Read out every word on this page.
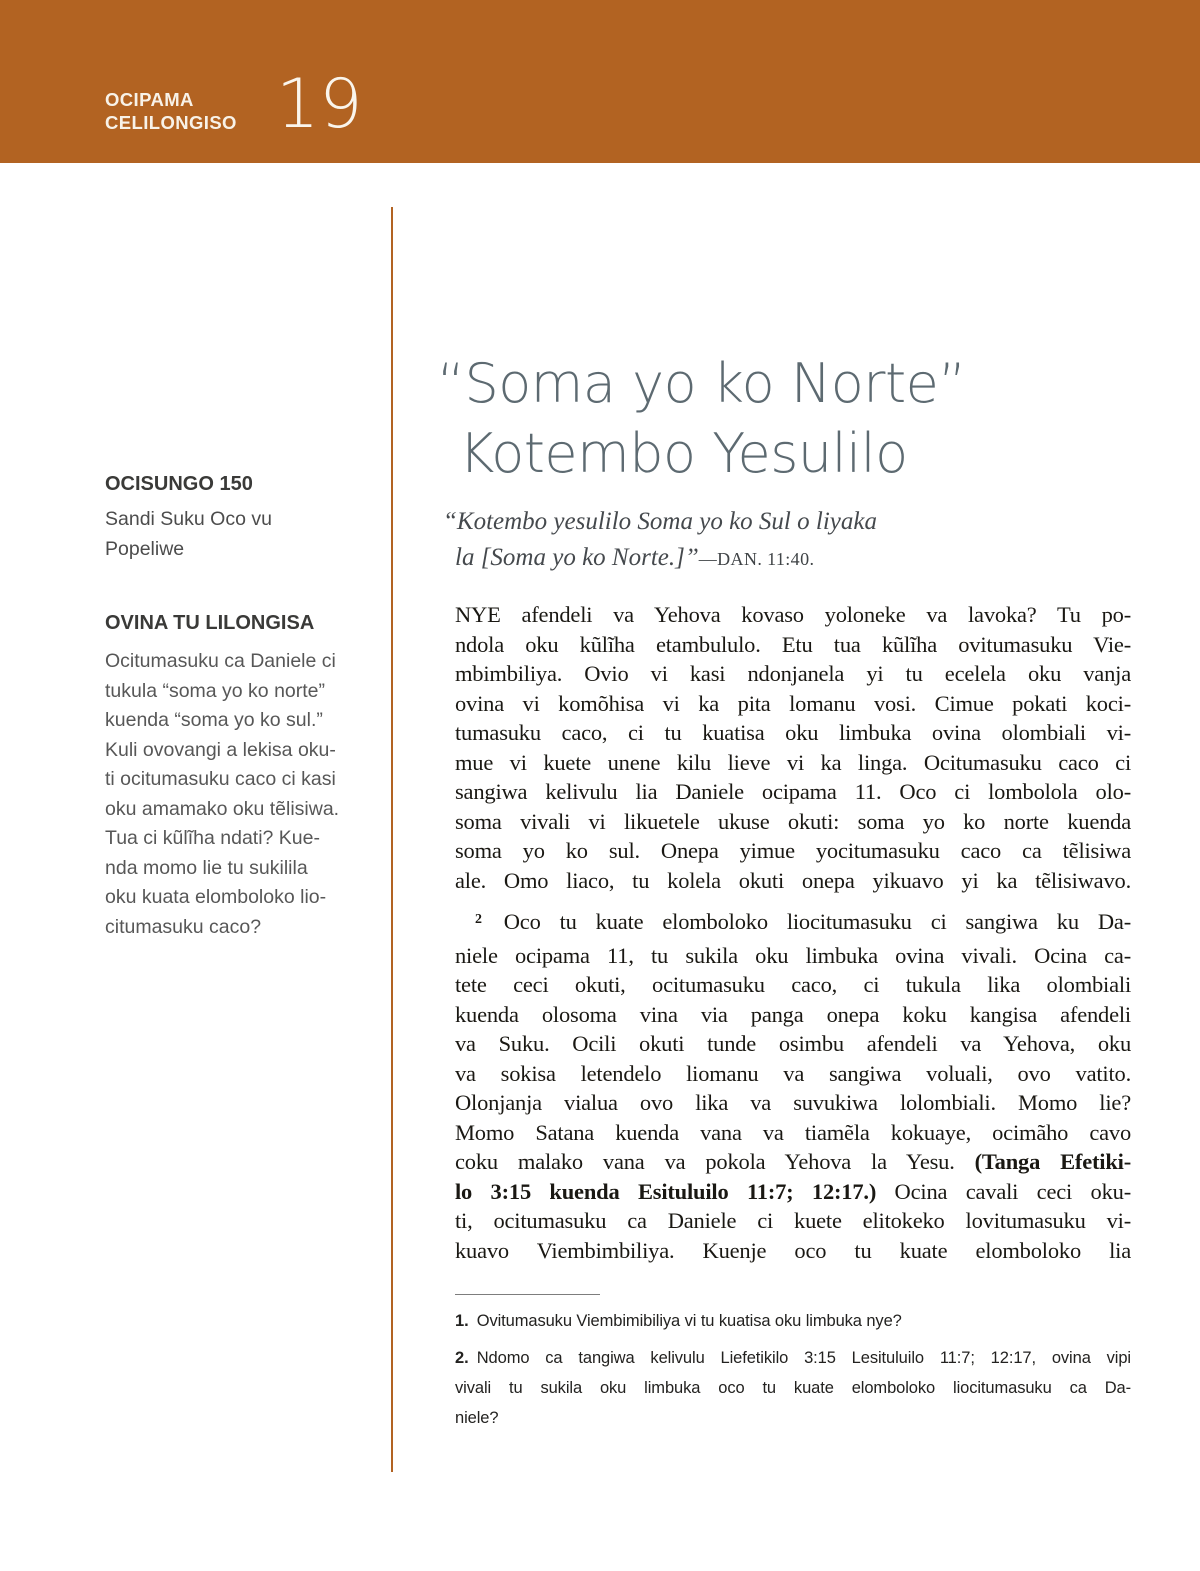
OCIPAMA
CELILONGISO 19
OCISUNGO 150
Sandi Suku Oco vu
Popeliwe
OVINA TU LILONGISA
Ocitumasuku ca Daniele ci
tukula “soma yo ko norte”
kuenda “soma yo ko sul.”
Kuli ovovangi a lekisa oku-
ti ocitumasuku caco ci kasi
oku amamako oku tẽlisiwa.
Tua ci kũlĩha ndati? Kue-
nda momo lie tu sukilila
oku kuata elomboloko lio-
citumasuku caco?
“Soma yo ko Norte”
Kotembo Yesulilo
“Kotembo yesulilo Soma yo ko Sul o liyaka
la [Soma yo ko Norte.]”—DAN. 11:40.
NYE afendeli va Yehova kovaso yoloneke va lavoka? Tu po-
ndola oku kũlĩha etambululo. Etu tua kũlĩha ovitumasuku Vie-
mbimbiliya. Ovio vi kasi ndonjanela yi tu ecelela oku vanja
ovina vi komõhisa vi ka pita lomanu vosi. Cimue pokati koci-
tumasuku caco, ci tu kuatisa oku limbuka ovina olombiali vi-
mue vi kuete unene kilu lieve vi ka linga. Ocitumasuku caco ci
sangiwa kelivulu lia Daniele ocipama 11. Oco ci lombolola olo-
soma vivali vi likuetele ukuse okuti: soma yo ko norte kuenda
soma yo ko sul. Onepa yimue yocitumasuku caco ca tẽlisiwa
ale. Omo liaco, tu kolela okuti onepa yikuavo yi ka tẽlisiwavo.
$^2$ Oco tu kuate elomboloko liocitumasuku ci sangiwa ku Da-
niele ocipama 11, tu sukila oku limbuka ovina vivali. Ocina ca-
tete ceci okuti, ocitumasuku caco, ci tukula lika olombiali
kuenda olosoma vina via panga onepa koku kangisa afendeli
va Suku. Ocili okuti tunde osimbu afendeli va Yehova, oku
va sokisa letendelo liomanu va sangiwa voluali, ovo vatito.
Olonjanja vialua ovo lika va suvukiwa lolombiali. Momo lie?
Momo Satana kuenda vana va tiamẽla kokuaye, ocimãho cavo
coku malako vana va pokola Yehova la Yesu. (Tanga Efetiki-
lo 3:15 kuenda Esituluilo 11:7; 12:17.) Ocina cavali ceci oku-
ti, ocitumasuku ca Daniele ci kuete elitokeko lovitumasuku vi-
kuavo Viembimbiliya. Kuenje oco tu kuate elomboloko lia
1. Ovitumasuku Viembimibiliya vi tu kuatisa oku limbuka nye?
2. Ndomo ca tangiwa kelivulu Liefetikilo 3:15 Lesituluilo 11:7; 12:17, ovina vipi
vivali tu sukila oku limbuka oco tu kuate elomboloko liocitumasuku ca Da-
niele?
